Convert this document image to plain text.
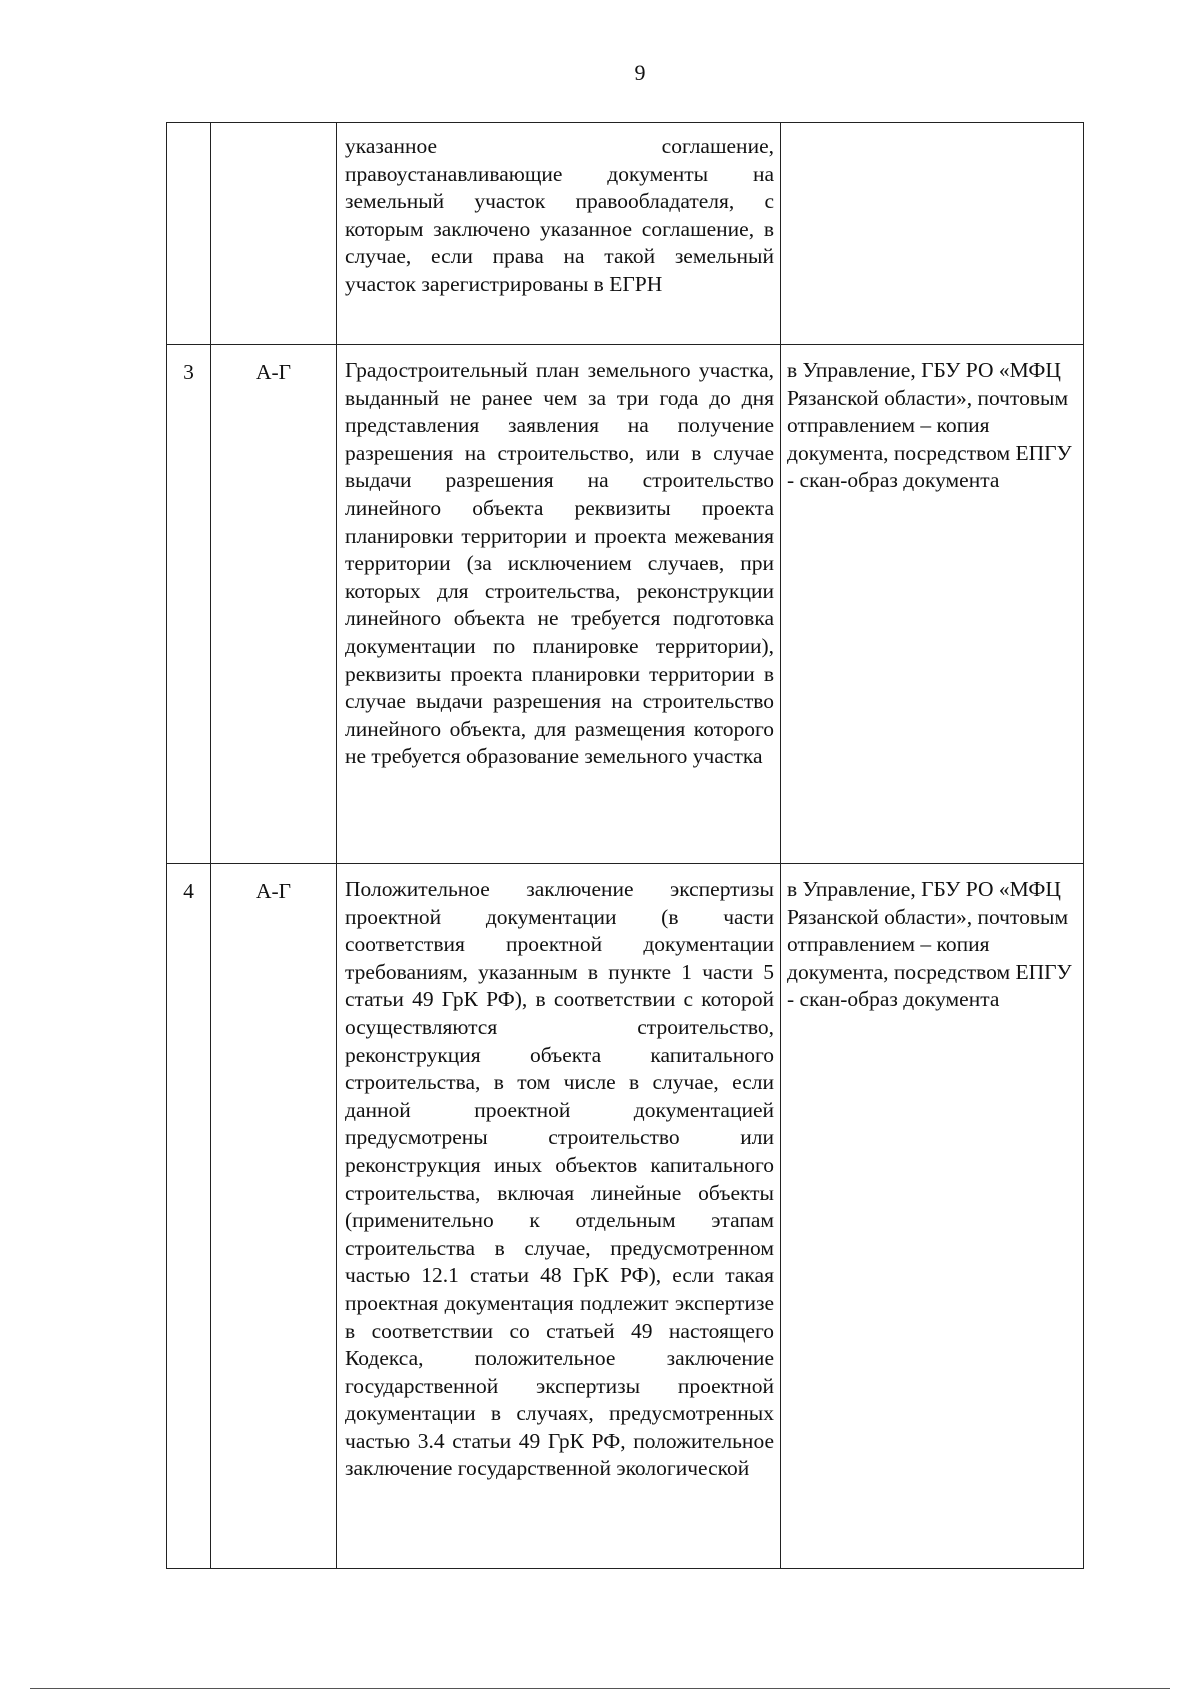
9

		указанное соглашение, правоустанавливающие документы на земельный участок правообладателя, с которым заключено указанное соглашение, в случае, если права на такой земельный участок зарегистрированы в ЕГРН	

3	А-Г	Градостроительный план земельного участка, выданный не ранее чем за три года до дня представления заявления на получение разрешения на строительство, или в случае выдачи разрешения на строительство линейного объекта реквизиты проекта планировки территории и проекта межевания территории (за исключением случаев, при которых для строительства, реконструкции линейного объекта не требуется подготовка документации по планировке территории), реквизиты проекта планировки территории в случае выдачи разрешения на строительство линейного объекта, для размещения которого не требуется образование земельного участка	в Управление, ГБУ РО «МФЦ Рязанской области», почтовым отправлением – копия документа, посредством ЕПГУ - скан-образ документа

4	А-Г	Положительное заключение экспертизы проектной документации (в части соответствия проектной документации требованиям, указанным в пункте 1 части 5 статьи 49 ГрК РФ), в соответствии с которой осуществляются строительство, реконструкция объекта капитального строительства, в том числе в случае, если данной проектной документацией предусмотрены строительство или реконструкция иных объектов капитального строительства, включая линейные объекты (применительно к отдельным этапам строительства в случае, предусмотренном частью 12.1 статьи 48 ГрК РФ), если такая проектная документация подлежит экспертизе в соответствии со статьей 49 настоящего Кодекса, положительное заключение государственной экспертизы проектной документации в случаях, предусмотренных частью 3.4 статьи 49 ГрК РФ, положительное заключение государственной экологической	в Управление, ГБУ РО «МФЦ Рязанской области», почтовым отправлением – копия документа, посредством ЕПГУ - скан-образ документа
